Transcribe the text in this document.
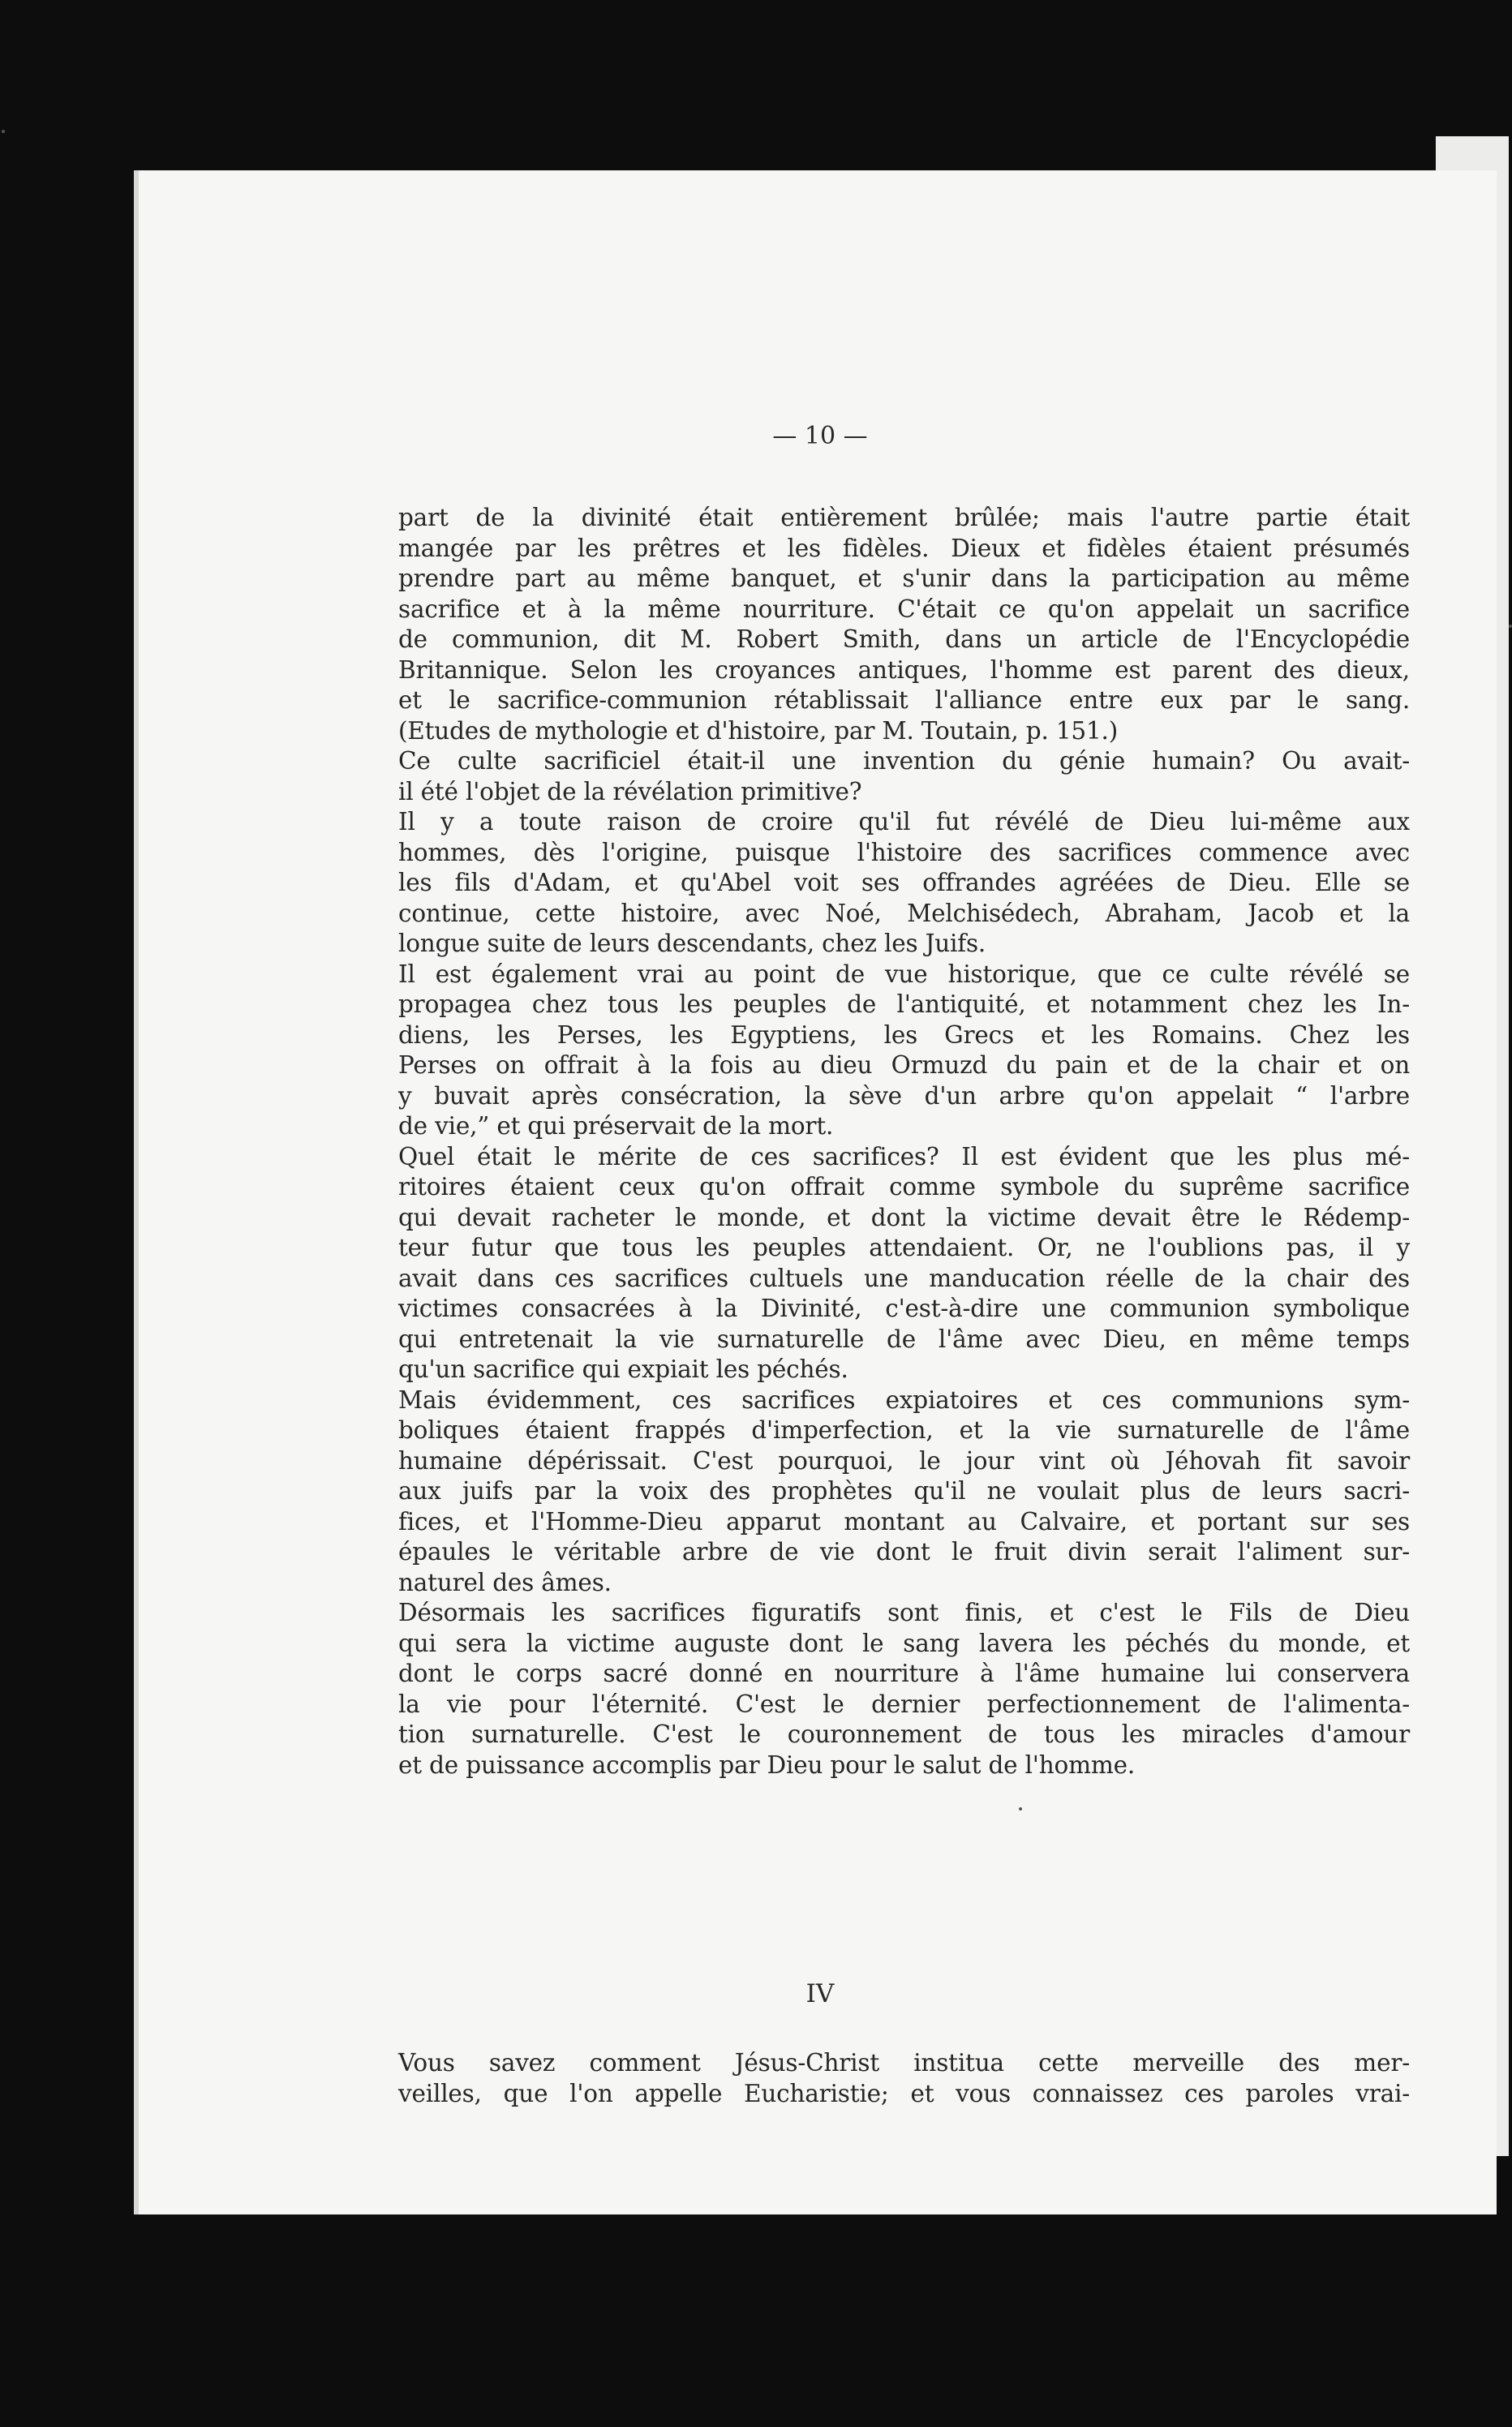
— 10 —
part de la divinité était entièrement brûlée; mais l'autre partie était
mangée par les prêtres et les fidèles. Dieux et fidèles étaient présumés
prendre part au même banquet, et s'unir dans la participation au même
sacrifice et à la même nourriture. C'était ce qu'on appelait un sacrifice
de communion, dit M. Robert Smith, dans un article de l'Encyclopédie
Britannique. Selon les croyances antiques, l'homme est parent des dieux,
et le sacrifice-communion rétablissait l'alliance entre eux par le sang.
(Etudes de mythologie et d'histoire, par M. Toutain, p. 151.)
Ce culte sacrificiel était-il une invention du génie humain? Ou avait-
il été l'objet de la révélation primitive?
Il y a toute raison de croire qu'il fut révélé de Dieu lui-même aux
hommes, dès l'origine, puisque l'histoire des sacrifices commence avec
les fils d'Adam, et qu'Abel voit ses offrandes agréées de Dieu. Elle se
continue, cette histoire, avec Noé, Melchisédech, Abraham, Jacob et la
longue suite de leurs descendants, chez les Juifs.
Il est également vrai au point de vue historique, que ce culte révélé se
propagea chez tous les peuples de l'antiquité, et notamment chez les In-
diens, les Perses, les Egyptiens, les Grecs et les Romains. Chez les
Perses on offrait à la fois au dieu Ormuzd du pain et de la chair et on
y buvait après consécration, la sève d'un arbre qu'on appelait “ l'arbre
de vie,” et qui préservait de la mort.
Quel était le mérite de ces sacrifices? Il est évident que les plus mé-
ritoires étaient ceux qu'on offrait comme symbole du suprême sacrifice
qui devait racheter le monde, et dont la victime devait être le Rédemp-
teur futur que tous les peuples attendaient. Or, ne l'oublions pas, il y
avait dans ces sacrifices cultuels une manducation réelle de la chair des
victimes consacrées à la Divinité, c'est-à-dire une communion symbolique
qui entretenait la vie surnaturelle de l'âme avec Dieu, en même temps
qu'un sacrifice qui expiait les péchés.
Mais évidemment, ces sacrifices expiatoires et ces communions sym-
boliques étaient frappés d'imperfection, et la vie surnaturelle de l'âme
humaine dépérissait. C'est pourquoi, le jour vint où Jéhovah fit savoir
aux juifs par la voix des prophètes qu'il ne voulait plus de leurs sacri-
fices, et l'Homme-Dieu apparut montant au Calvaire, et portant sur ses
épaules le véritable arbre de vie dont le fruit divin serait l'aliment sur-
naturel des âmes.
Désormais les sacrifices figuratifs sont finis, et c'est le Fils de Dieu
qui sera la victime auguste dont le sang lavera les péchés du monde, et
dont le corps sacré donné en nourriture à l'âme humaine lui conservera
la vie pour l'éternité. C'est le dernier perfectionnement de l'alimenta-
tion surnaturelle. C'est le couronnement de tous les miracles d'amour
et de puissance accomplis par Dieu pour le salut de l'homme.
IV
Vous savez comment Jésus-Christ institua cette merveille des mer-
veilles, que l'on appelle Eucharistie; et vous connaissez ces paroles vrai-
